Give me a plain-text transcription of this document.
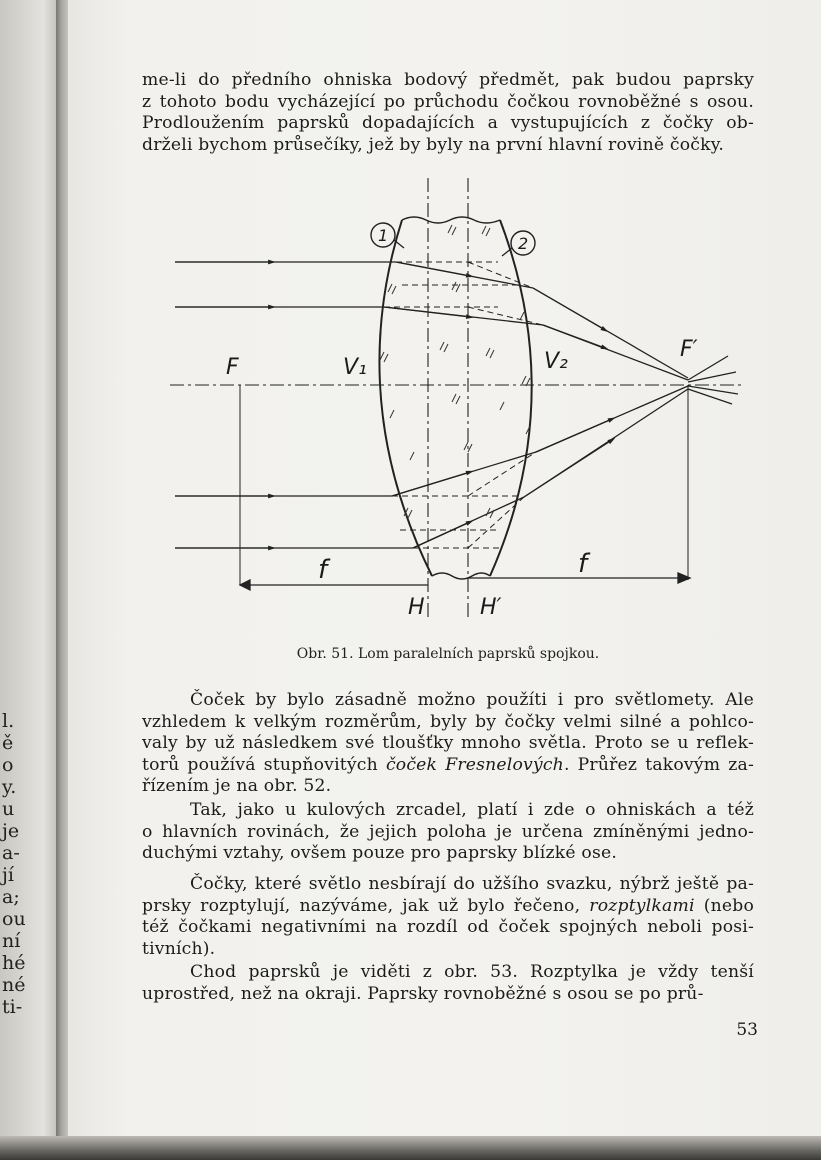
l.
ě
o
y.
u
je
a-
jí
a;
ou
ní
hé
né
ti-

me-li do předního ohniska bodový předmět, pak budou paprsky
z tohoto bodu vycházející po průchodu čočkou rovnoběžné s osou.
Prodloužením paprsků dopadajících a vystupujících z čočky ob-
drželi bychom průsečíky, jež by byly na první hlavní rovině čočky.

1	2
F	V₁	V₂	F′
f	f
H	H′

Obr. 51. Lom paralelních paprsků spojkou.

Čoček by bylo zásadně možno použíti i pro světlomety. Ale

vzhledem k velkým rozměrům, byly by čočky velmi silné a pohlco-
valy by už následkem své tloušťky mnoho světla. Proto se u reflek-
torů používá stupňovitých čoček Fresnelových. Průřez takovým za-
řízením je na obr. 52.

Tak, jako u kulových zrcadel, platí i zde o ohniskách a též

o hlavních rovinách, že jejich poloha je určena zmíněnými jedno-
duchými vztahy, ovšem pouze pro paprsky blízké ose.

Čočky, které světlo nesbírají do užšího svazku, nýbrž ještě pa-

prsky rozptylují, nazýváme, jak už bylo řečeno, rozptylkami (nebo
též čočkami negativními na rozdíl od čoček spojných neboli posi-
tivních).

Chod paprsků je viděti z obr. 53. Rozptylka je vždy tenší

uprostřed, než na okraji. Paprsky rovnoběžné s osou se po prů-

53
